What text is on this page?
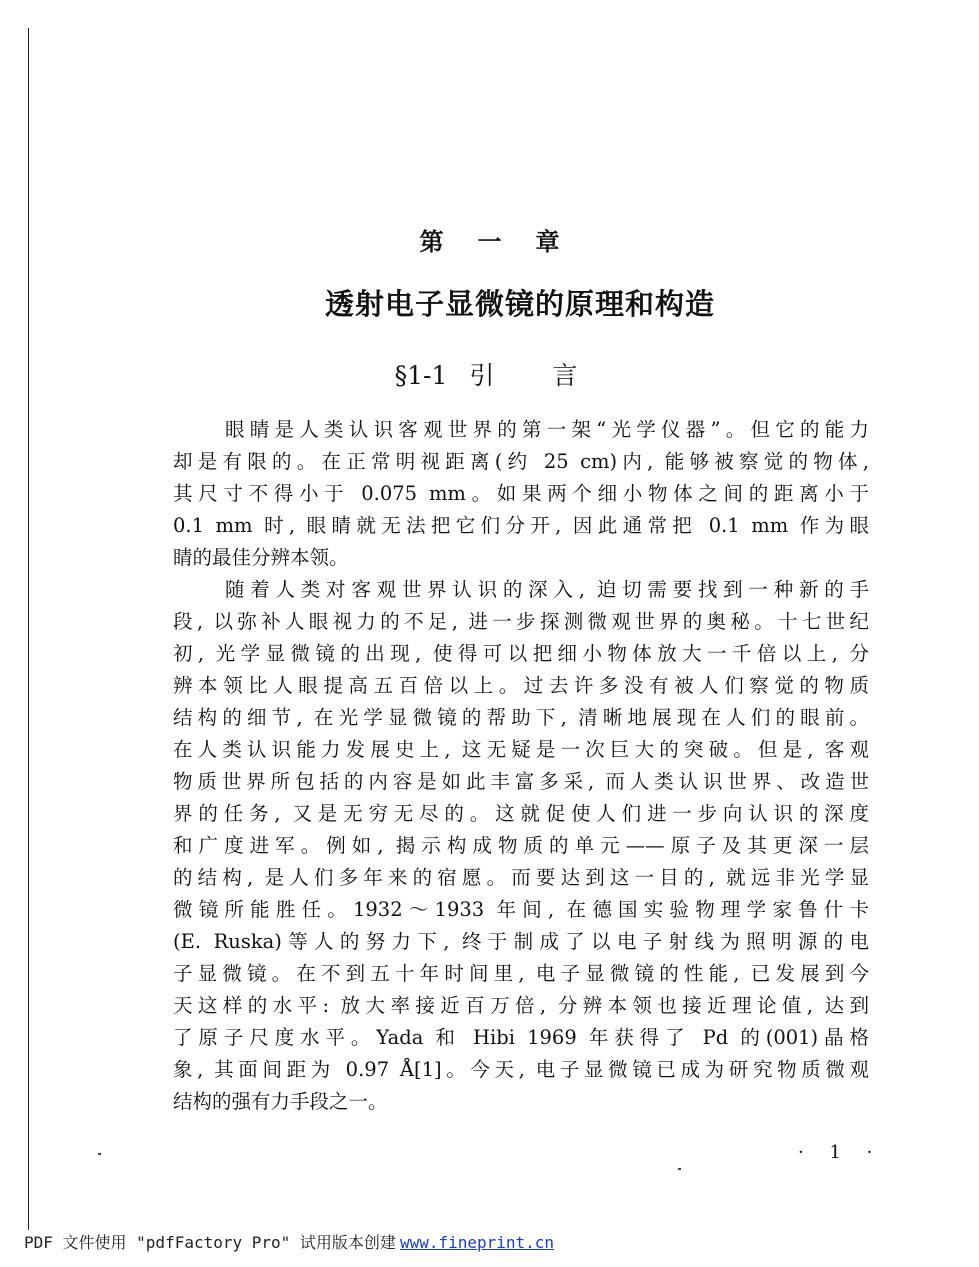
第一章
透射电子显微镜的原理和构造
§1-1 引言
眼睛是人类认识客观世界的第一架“光学仪器”。但它的能力
却是有限的。在正常明视距离(约 25 cm)内, 能够被察觉的物体,
其尺寸不得小于 0.075 mm。如果两个细小物体之间的距离小于
0.1 mm 时, 眼睛就无法把它们分开, 因此通常把 0.1 mm 作为眼
睛的最佳分辨本领。
随着人类对客观世界认识的深入, 迫切需要找到一种新的手
段, 以弥补人眼视力的不足, 进一步探测微观世界的奥秘。十七世纪
初, 光学显微镜的出现, 使得可以把细小物体放大一千倍以上, 分
辨本领比人眼提高五百倍以上。过去许多没有被人们察觉的物质
结构的细节, 在光学显微镜的帮助下, 清晰地展现在人们的眼前。
在人类认识能力发展史上, 这无疑是一次巨大的突破。但是, 客观
物质世界所包括的内容是如此丰富多采, 而人类认识世界、改造世
界的任务, 又是无穷无尽的。这就促使人们进一步向认识的深度
和广度进军。例如, 揭示构成物质的单元——原子及其更深一层
的结构, 是人们多年来的宿愿。而要达到这一目的, 就远非光学显
微镜所能胜任。1932～1933 年间, 在德国实验物理学家鲁什卡
(E. Ruska)等人的努力下, 终于制成了以电子射线为照明源的电
子显微镜。在不到五十年时间里, 电子显微镜的性能, 已发展到今
天这样的水平: 放大率接近百万倍, 分辨本领也接近理论值, 达到
了原子尺度水平。Yada 和 Hibi 1969 年获得了 Pd 的(001)晶格
象, 其面间距为 0.97 Å[1]。今天, 电子显微镜已成为研究物质微观
结构的强有力手段之一。
· 1 ·
PDF 文件使用 "pdfFactory Pro" 试用版本创建 www.fineprint.cn
